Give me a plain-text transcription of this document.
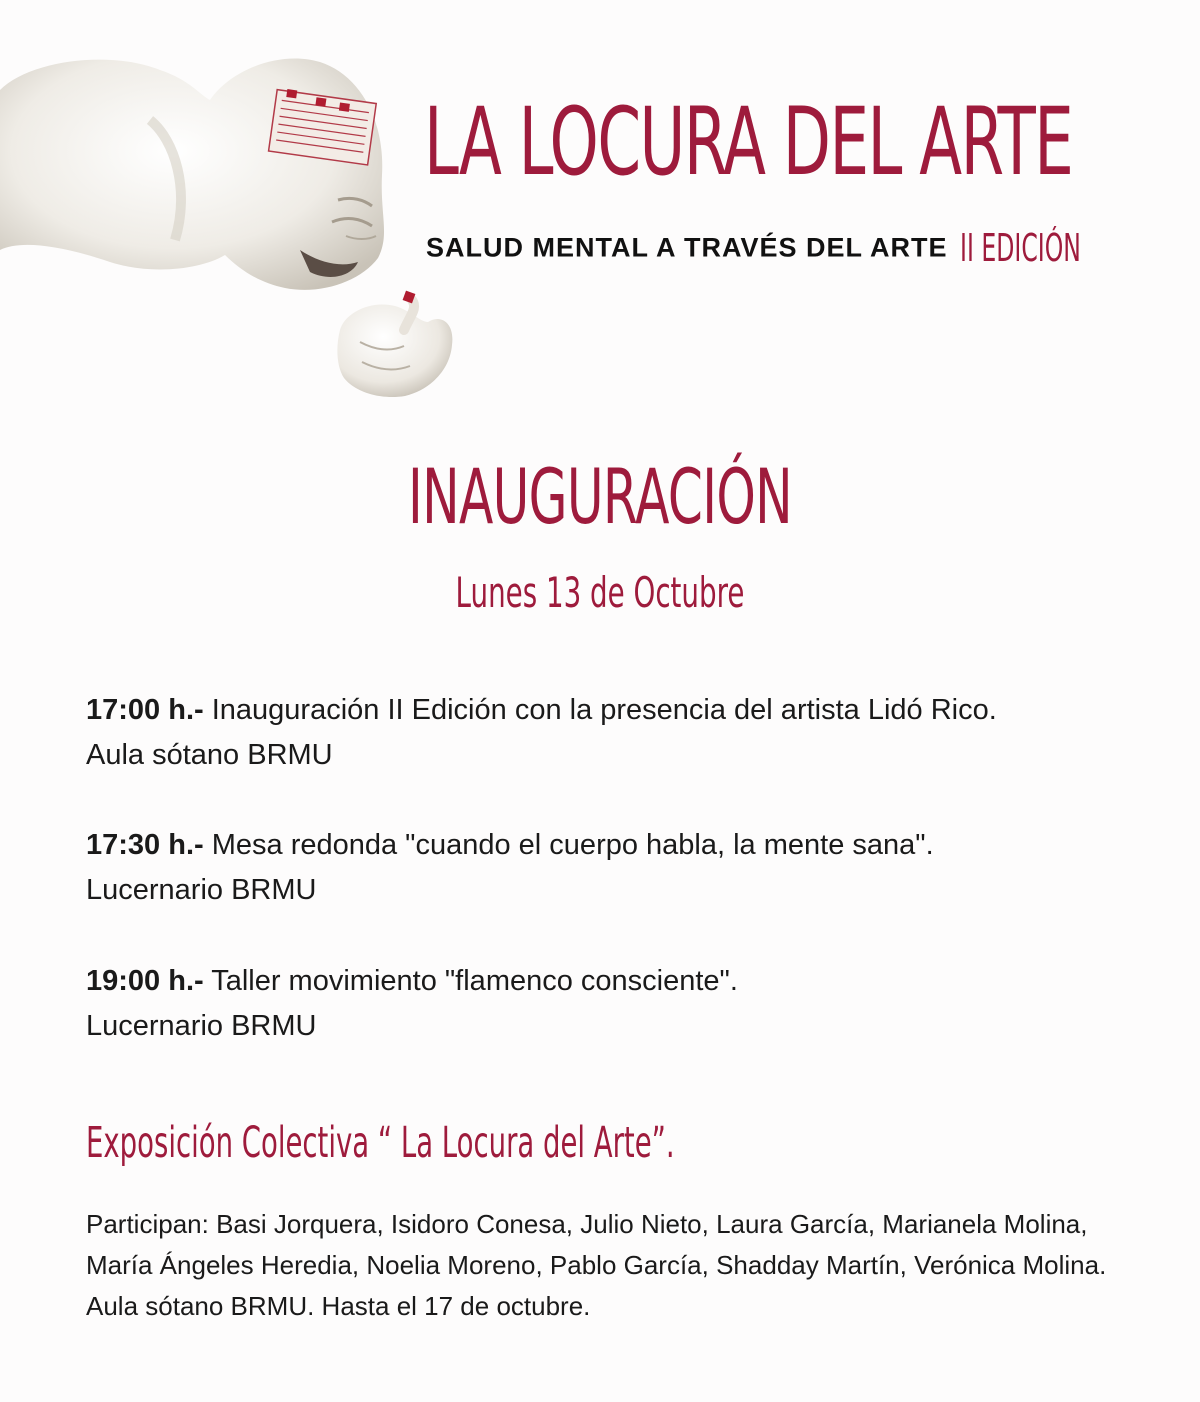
LA LOCURA DEL ARTE
SALUD MENTAL A TRAVÉS DEL ARTE II EDICIÓN
INAUGURACIÓN
Lunes 13 de Octubre
17:00 h.- Inauguración II Edición con la presencia del artista Lidó Rico.
Aula sótano BRMU
17:30 h.- Mesa redonda "cuando el cuerpo habla, la mente sana".
Lucernario BRMU
19:00 h.- Taller movimiento "flamenco consciente".
Lucernario BRMU
Exposición Colectiva “ La Locura del Arte”.
Participan: Basi Jorquera, Isidoro Conesa, Julio Nieto, Laura García, Marianela Molina, María Ángeles Heredia, Noelia Moreno, Pablo García, Shadday Martín, Verónica Molina.
Aula sótano BRMU. Hasta el 17 de octubre.
